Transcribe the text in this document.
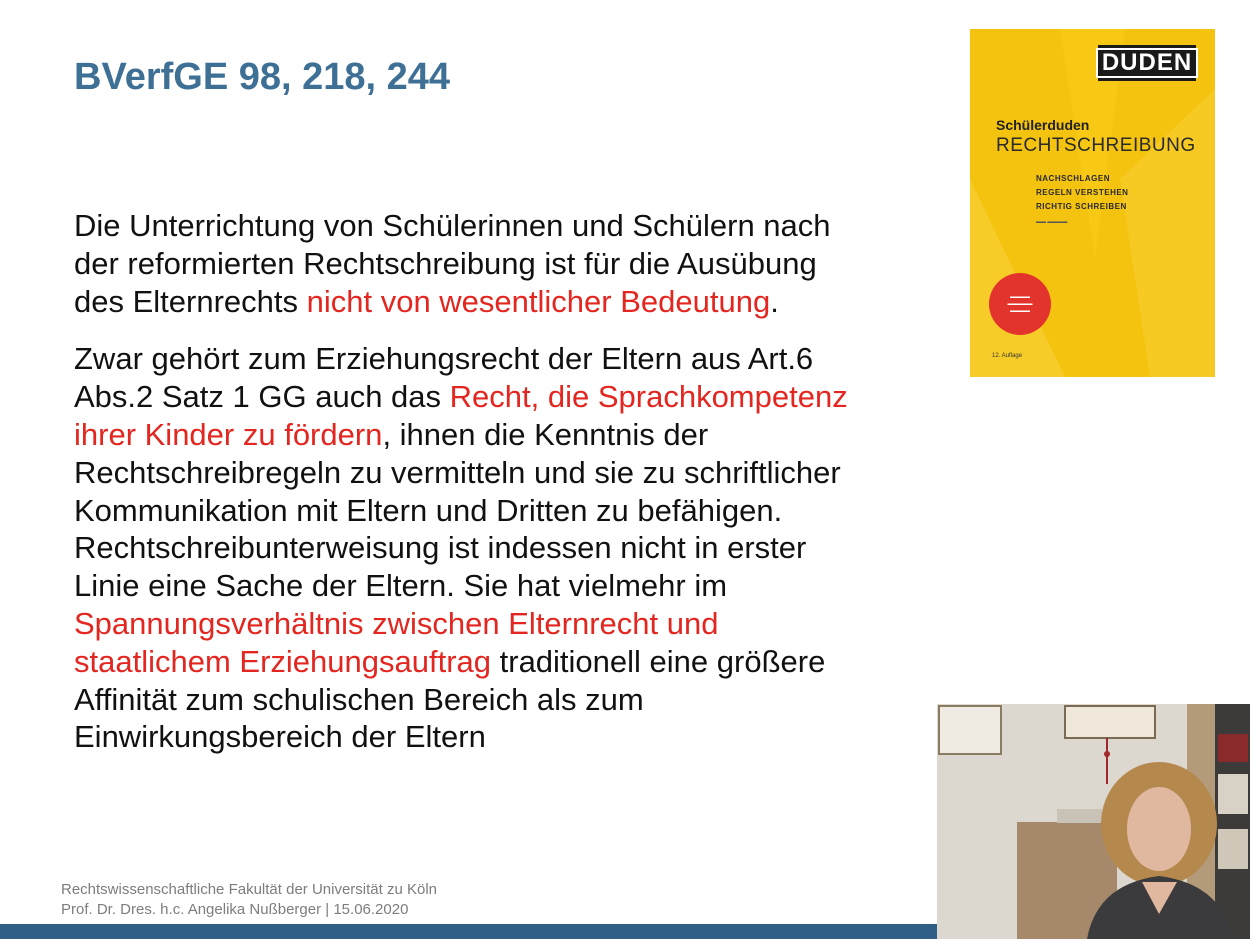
BVerfGE 98, 218, 244

Die Unterrichtung von Schülerinnen und Schülern nach
der reformierten Rechtschreibung ist für die Ausübung
des Elternrechts nicht von wesentlicher Bedeutung.

Zwar gehört zum Erziehungsrecht der Eltern aus Art.6
Abs.2 Satz 1 GG auch das Recht, die Sprachkompetenz
ihrer Kinder zu fördern, ihnen die Kenntnis der
Rechtschreibregeln zu vermitteln und sie zu schriftlicher
Kommunikation mit Eltern und Dritten zu befähigen.
Rechtschreibunterweisung ist indessen nicht in erster
Linie eine Sache der Eltern. Sie hat vielmehr im
Spannungsverhältnis zwischen Elternrecht und
staatlichem Erziehungsauftrag traditionell eine größere
Affinität zum schulischen Bereich als zum
Einwirkungsbereich der Eltern

DUDEN
Schülerduden
RECHTSCHREIBUNG
NACHSCHLAGEN
REGELN VERSTEHEN
RICHTIG SCHREIBEN
▬▬ ▬▬▬▬
▬▬▬▬
▬▬▬▬▬
▬▬▬▬
12. Auflage
Rechtswissenschaftliche Fakultät der Universität zu Köln
Prof. Dr. Dres. h.c. Angelika Nußberger | 15.06.2020
